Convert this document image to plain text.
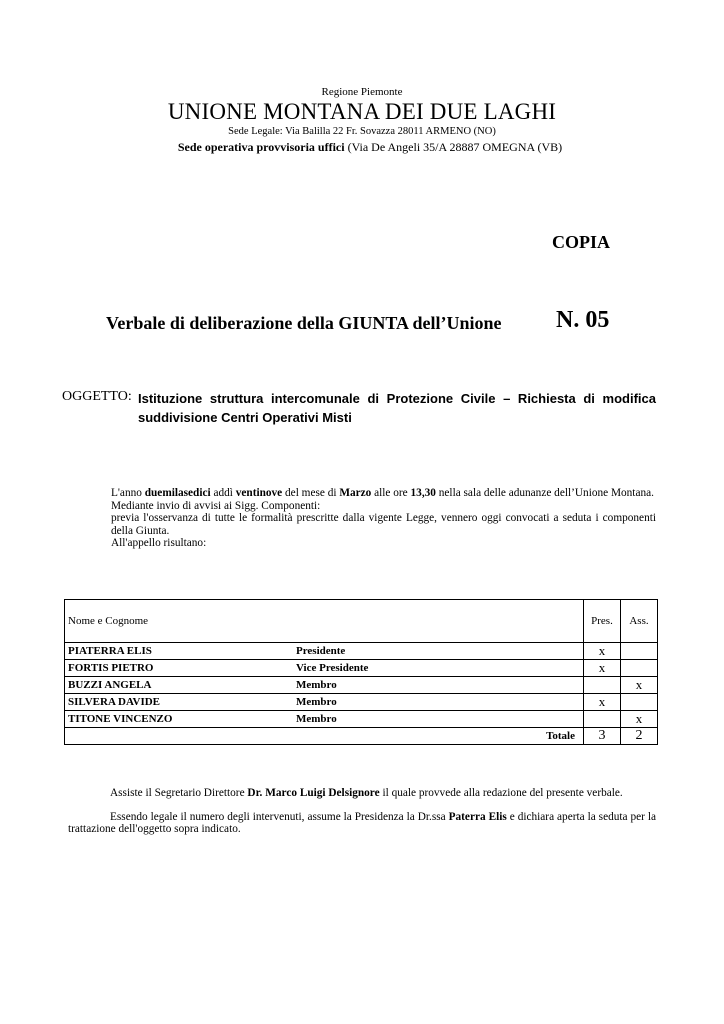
Regione Piemonte
UNIONE MONTANA DEI DUE LAGHI
Sede Legale: Via Balilla 22 Fr. Sovazza 28011 ARMENO (NO)
Sede operativa provvisoria uffici (Via De Angeli 35/A 28887 OMEGNA (VB)
COPIA
Verbale di deliberazione della GIUNTA dell’Unione N. 05
OGGETTO: Istituzione struttura intercomunale di Protezione Civile – Richiesta di modifica suddivisione Centri Operativi Misti

L'anno duemilasedici addì ventinove del mese di Marzo alle ore 13,30 nella sala delle adunanze dell’Unione Montana.

Mediante invio di avvisi ai Sigg. Componenti:

previa l'osservanza di tutte le formalità prescritte dalla vigente Legge, vennero oggi convocati a seduta i componenti della Giunta.

All'appello risultano:

Nome e Cognome		Pres.	Ass.
PIATERRA ELIS	Presidente	x	
FORTIS PIETRO	Vice Presidente	x	
BUZZI ANGELA	Membro		x
SILVERA DAVIDE	Membro	x	
TITONE VINCENZO	Membro		x
Totale		3	2

Assiste il Segretario Direttore Dr. Marco Luigi Delsignore il quale provvede alla redazione del presente verbale.

Essendo legale il numero degli intervenuti, assume la Presidenza la Dr.ssa Paterra Elis e dichiara aperta la seduta per la trattazione dell'oggetto sopra indicato.
